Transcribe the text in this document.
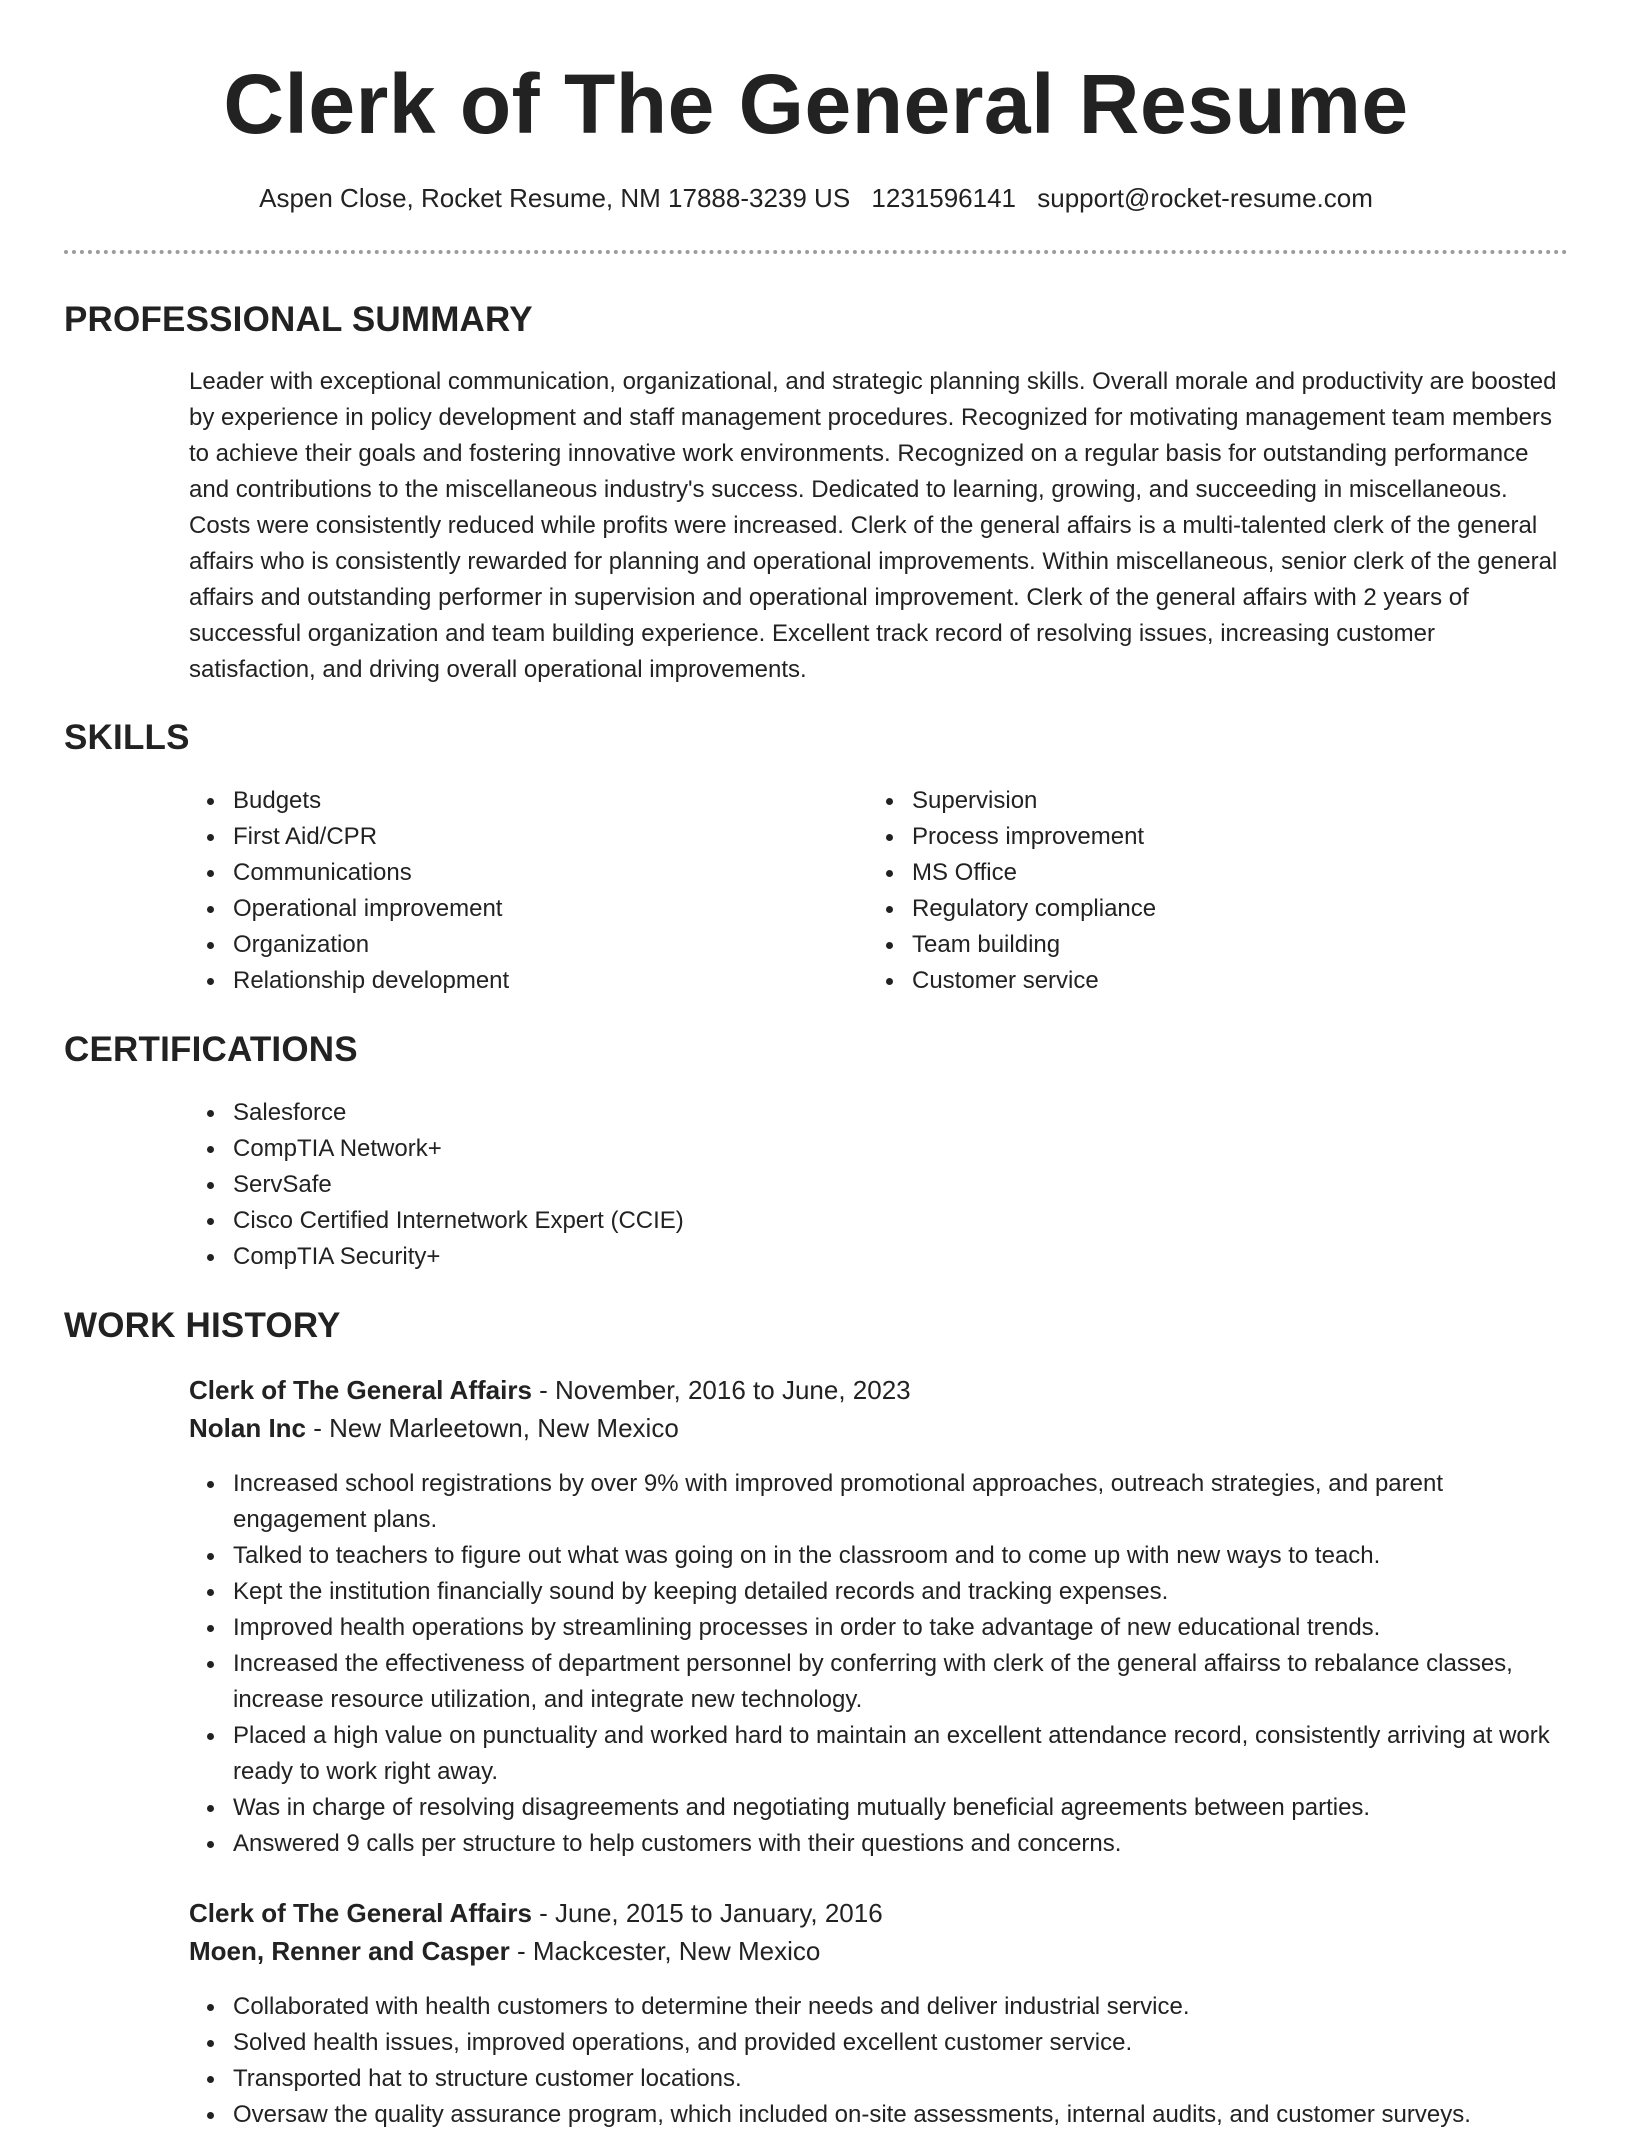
Clerk of The General Resume
Aspen Close, Rocket Resume, NM 17888-3239 US 1231596141 support@rocket-resume.com
PROFESSIONAL SUMMARY

Leader with exceptional communication, organizational, and strategic planning skills. Overall morale and productivity are boosted by experience in policy development and staff management procedures. Recognized for motivating management team members to achieve their goals and fostering innovative work environments. Recognized on a regular basis for outstanding performance and contributions to the miscellaneous industry's success. Dedicated to learning, growing, and succeeding in miscellaneous. Costs were consistently reduced while profits were increased. Clerk of the general affairs is a multi-talented clerk of the general affairs who is consistently rewarded for planning and operational improvements. Within miscellaneous, senior clerk of the general affairs and outstanding performer in supervision and operational improvement. Clerk of the general affairs with 2 years of successful organization and team building experience. Excellent track record of resolving issues, increasing customer satisfaction, and driving overall operational improvements.

SKILLS
Budgets
First Aid/CPR
Communications
Operational improvement
Organization
Relationship development
Supervision
Process improvement
MS Office
Regulatory compliance
Team building
Customer service
CERTIFICATIONS
Salesforce
CompTIA Network+
ServSafe
Cisco Certified Internetwork Expert (CCIE)
CompTIA Security+
WORK HISTORY
Clerk of The General Affairs - November, 2016 to June, 2023
Nolan Inc - New Marleetown, New Mexico
Increased school registrations by over 9% with improved promotional approaches, outreach strategies, and parent engagement plans.
Talked to teachers to figure out what was going on in the classroom and to come up with new ways to teach.
Kept the institution financially sound by keeping detailed records and tracking expenses.
Improved health operations by streamlining processes in order to take advantage of new educational trends.
Increased the effectiveness of department personnel by conferring with clerk of the general affairss to rebalance classes, increase resource utilization, and integrate new technology.
Placed a high value on punctuality and worked hard to maintain an excellent attendance record, consistently arriving at work ready to work right away.
Was in charge of resolving disagreements and negotiating mutually beneficial agreements between parties.
Answered 9 calls per structure to help customers with their questions and concerns.
Clerk of The General Affairs - June, 2015 to January, 2016
Moen, Renner and Casper - Mackcester, New Mexico
Collaborated with health customers to determine their needs and deliver industrial service.
Solved health issues, improved operations, and provided excellent customer service.
Transported hat to structure customer locations.
Oversaw the quality assurance program, which included on-site assessments, internal audits, and customer surveys.
